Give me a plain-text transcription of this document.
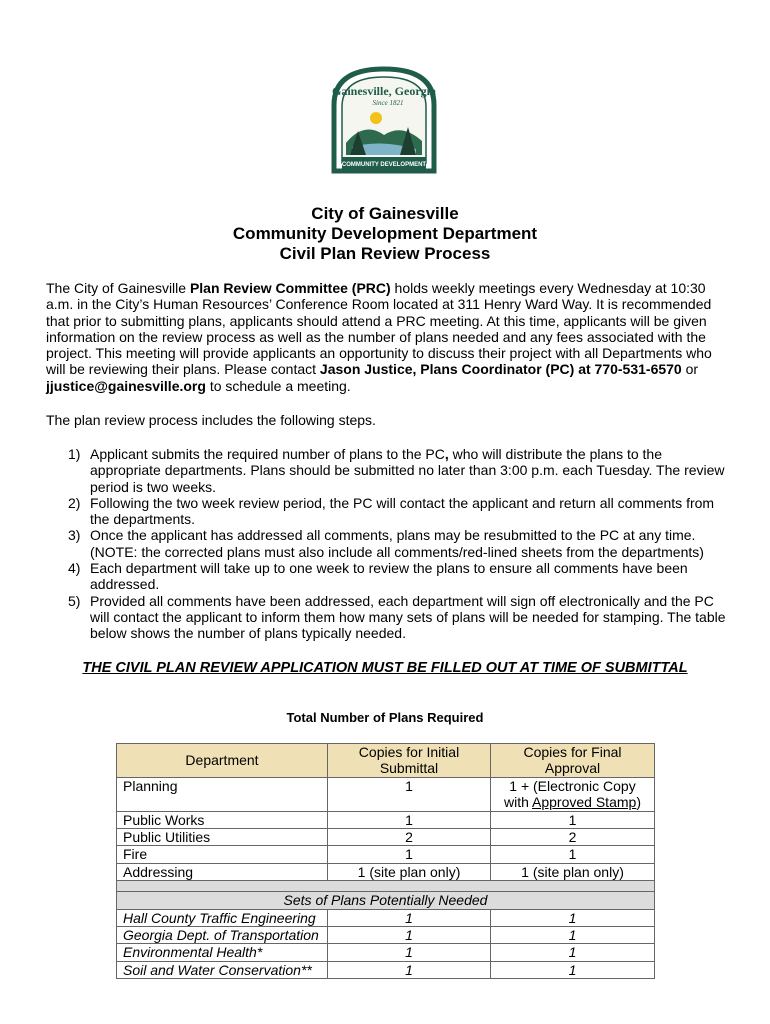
Gainesville, Georgia
Since 1821
COMMUNITY DEVELOPMENT
City of Gainesville
Community Development Department
Civil Plan Review Process
The City of Gainesville Plan Review Committee (PRC) holds weekly meetings every Wednesday at 10:30 a.m. in the City’s Human Resources’ Conference Room located at 311 Henry Ward Way. It is recommended that prior to submitting plans, applicants should attend a PRC meeting. At this time, applicants will be given information on the review process as well as the number of plans needed and any fees associated with the project. This meeting will provide applicants an opportunity to discuss their project with all Departments who will be reviewing their plans. Please contact Jason Justice, Plans Coordinator (PC) at 770-531-6570 or jjustice@gainesville.org to schedule a meeting.
The plan review process includes the following steps.
1) Applicant submits the required number of plans to the PC, who will distribute the plans to the appropriate departments. Plans should be submitted no later than 3:00 p.m. each Tuesday. The review period is two weeks.
2) Following the two week review period, the PC will contact the applicant and return all comments from the departments.
3) Once the applicant has addressed all comments, plans may be resubmitted to the PC at any time. (NOTE: the corrected plans must also include all comments/red-lined sheets from the departments)
4) Each department will take up to one week to review the plans to ensure all comments have been addressed.
5) Provided all comments have been addressed, each department will sign off electronically and the PC will contact the applicant to inform them how many sets of plans will be needed for stamping. The table below shows the number of plans typically needed.
THE CIVIL PLAN REVIEW APPLICATION MUST BE FILLED OUT AT TIME OF SUBMITTAL
Total Number of Plans Required
Department	Copies for Initial Submittal	Copies for Final Approval
Planning	1	1 + (Electronic Copy with Approved Stamp)
Public Works	1	1
Public Utilities	2	2
Fire	1	1
Addressing	1 (site plan only)	1 (site plan only)

Sets of Plans Potentially Needed		
Hall County Traffic Engineering	1	1
Georgia Dept. of Transportation	1	1
Environmental Health*	1	1
Soil and Water Conservation**	1	1
